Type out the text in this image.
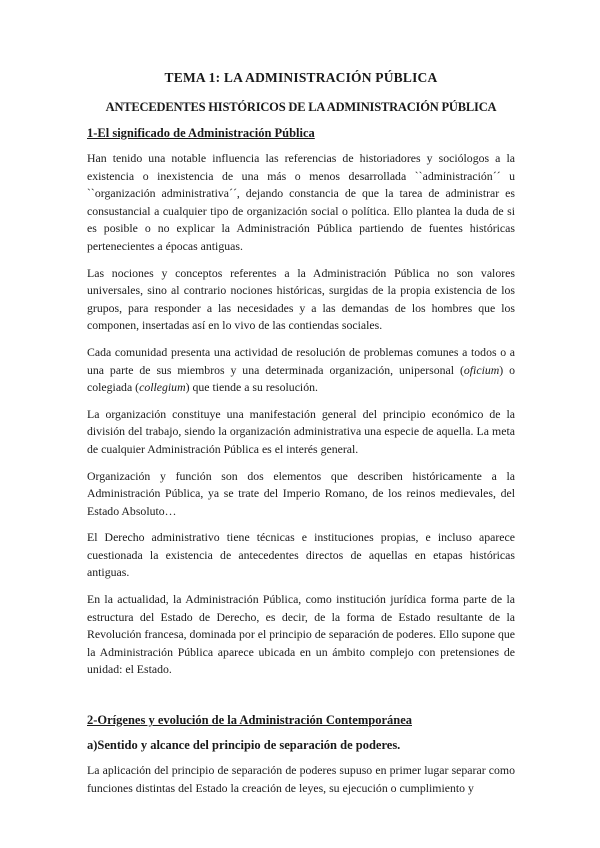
TEMA 1: LA ADMINISTRACIÓN PÚBLICA
ANTECEDENTES HISTÓRICOS DE LA ADMINISTRACIÓN PÚBLICA
1-El significado de Administración Pública

Han tenido una notable influencia las referencias de historiadores y sociólogos a la existencia o inexistencia de una más o menos desarrollada ``administración´´ u ``organización administrativa´´, dejando constancia de que la tarea de administrar es consustancial a cualquier tipo de organización social o política. Ello plantea la duda de si es posible o no explicar la Administración Pública partiendo de fuentes históricas pertenecientes a épocas antiguas.

Las nociones y conceptos referentes a la Administración Pública no son valores universales, sino al contrario nociones históricas, surgidas de la propia existencia de los grupos, para responder a las necesidades y a las demandas de los hombres que los componen, insertadas así en lo vivo de las contiendas sociales.

Cada comunidad presenta una actividad de resolución de problemas comunes a todos o a una parte de sus miembros y una determinada organización, unipersonal (oficium) o colegiada (collegium) que tiende a su resolución.

La organización constituye una manifestación general del principio económico de la división del trabajo, siendo la organización administrativa una especie de aquella. La meta de cualquier Administración Pública es el interés general.

Organización y función son dos elementos que describen históricamente a la Administración Pública, ya se trate del Imperio Romano, de los reinos medievales, del Estado Absoluto…

El Derecho administrativo tiene técnicas e instituciones propias, e incluso aparece cuestionada la existencia de antecedentes directos de aquellas en etapas históricas antiguas.

En la actualidad, la Administración Pública, como institución jurídica forma parte de la estructura del Estado de Derecho, es decir, de la forma de Estado resultante de la Revolución francesa, dominada por el principio de separación de poderes. Ello supone que la Administración Pública aparece ubicada en un ámbito complejo con pretensiones de unidad: el Estado.

2-Orígenes y evolución de la Administración Contemporánea
a)Sentido y alcance del principio de separación de poderes.

La aplicación del principio de separación de poderes supuso en primer lugar separar como funciones distintas del Estado la creación de leyes, su ejecución o cumplimiento y
